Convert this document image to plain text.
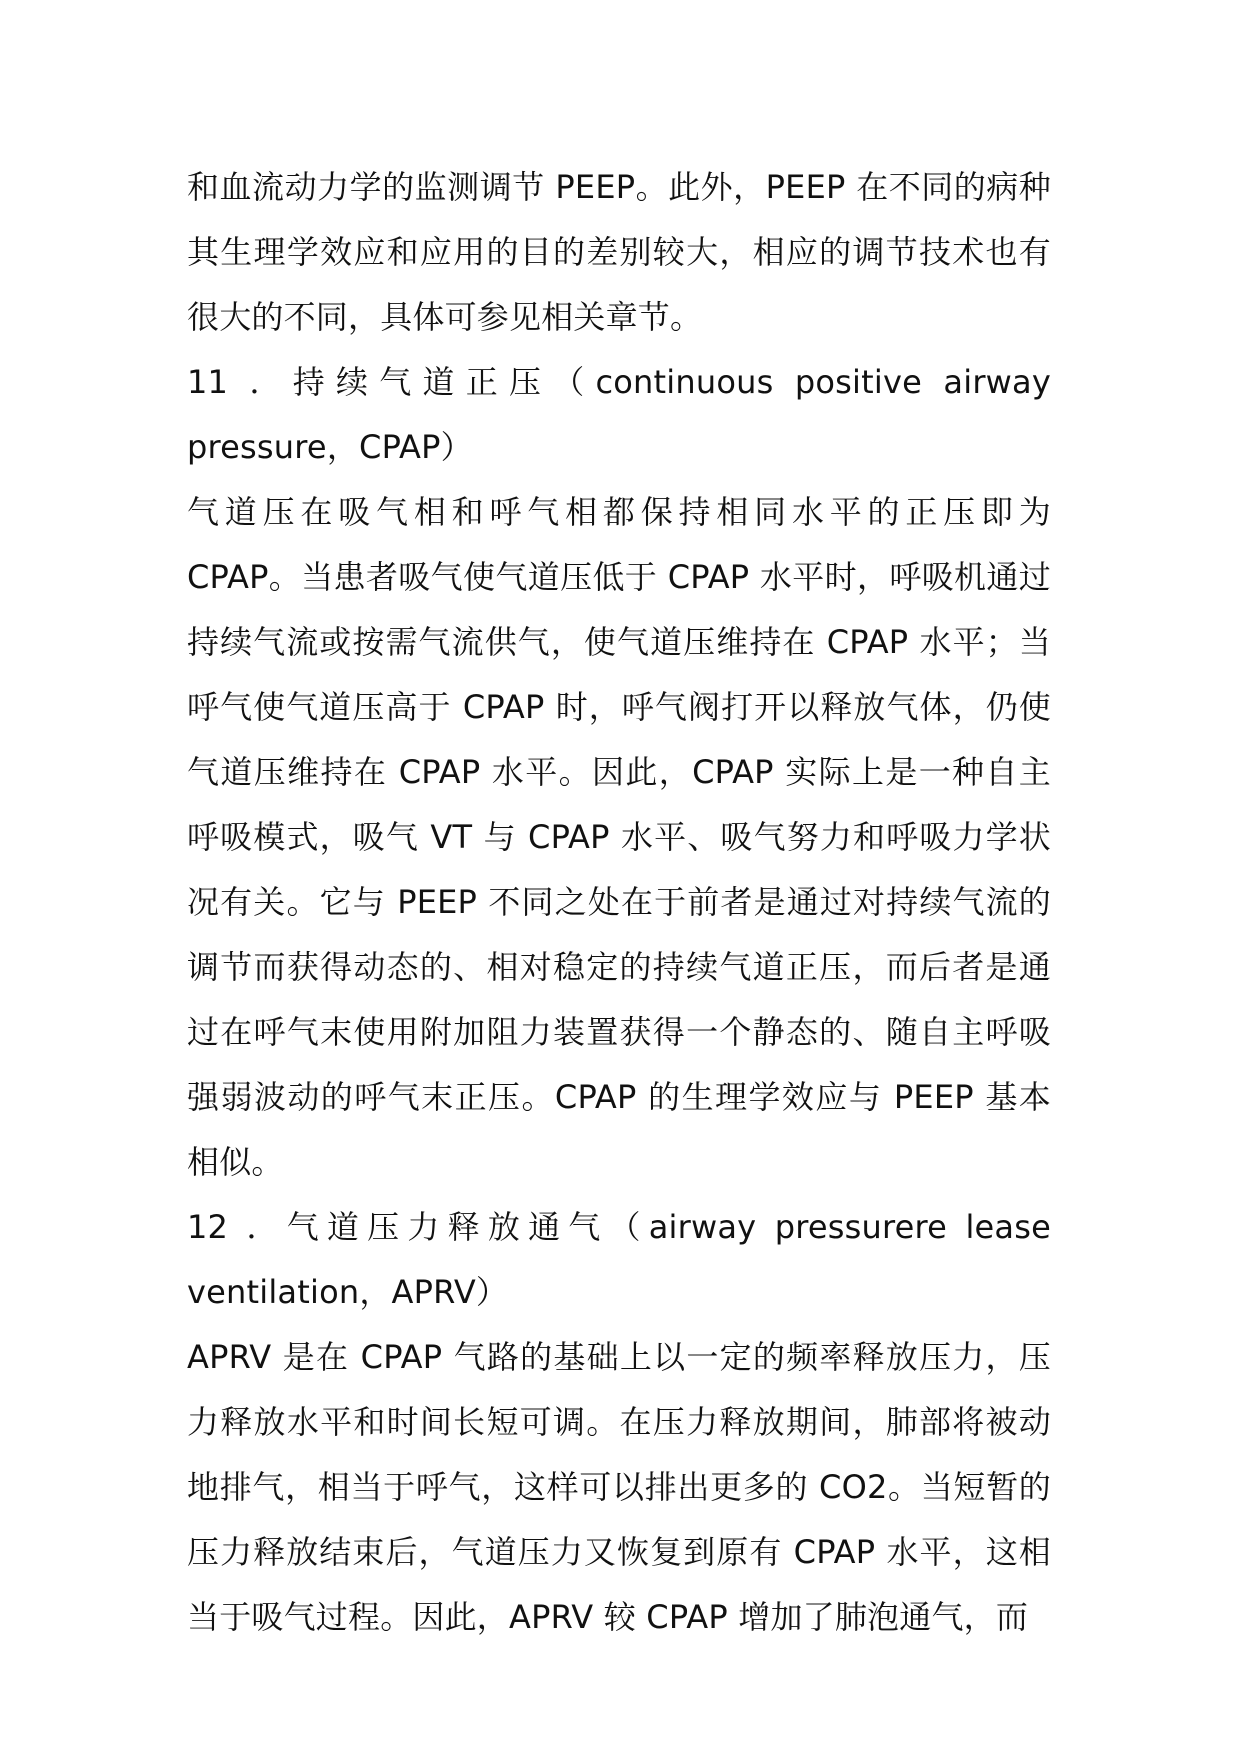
和血流动力学的监测调节 PEEP。此外，PEEP 在不同的病种其生理学效应和应用的目的差别较大，相应的调节技术也有很大的不同，具体可参见相关章节。

11 ．持续气道正压（continuous positive airway pressure，CPAP）

气道压在吸气相和呼气相都保持相同水平的正压即为 CPAP。当患者吸气使气道压低于 CPAP 水平时，呼吸机通过持续气流或按需气流供气，使气道压维持在 CPAP 水平；当呼气使气道压高于 CPAP 时，呼气阀打开以释放气体，仍使气道压维持在 CPAP 水平。因此，CPAP 实际上是一种自主呼吸模式，吸气 VT 与 CPAP 水平、吸气努力和呼吸力学状况有关。它与 PEEP 不同之处在于前者是通过对持续气流的调节而获得动态的、相对稳定的持续气道正压，而后者是通过在呼气末使用附加阻力装置获得一个静态的、随自主呼吸强弱波动的呼气末正压。CPAP 的生理学效应与 PEEP 基本相似。

12 ．气道压力释放通气（airway pressurere lease ventilation，APRV）

APRV 是在 CPAP 气路的基础上以一定的频率释放压力，压力释放水平和时间长短可调。在压力释放期间，肺部将被动地排气，相当于呼气，这样可以排出更多的 CO2。当短暂的压力释放结束后，气道压力又恢复到原有 CPAP 水平，这相当于吸气过程。因此，APRV 较 CPAP 增加了肺泡通气，而
